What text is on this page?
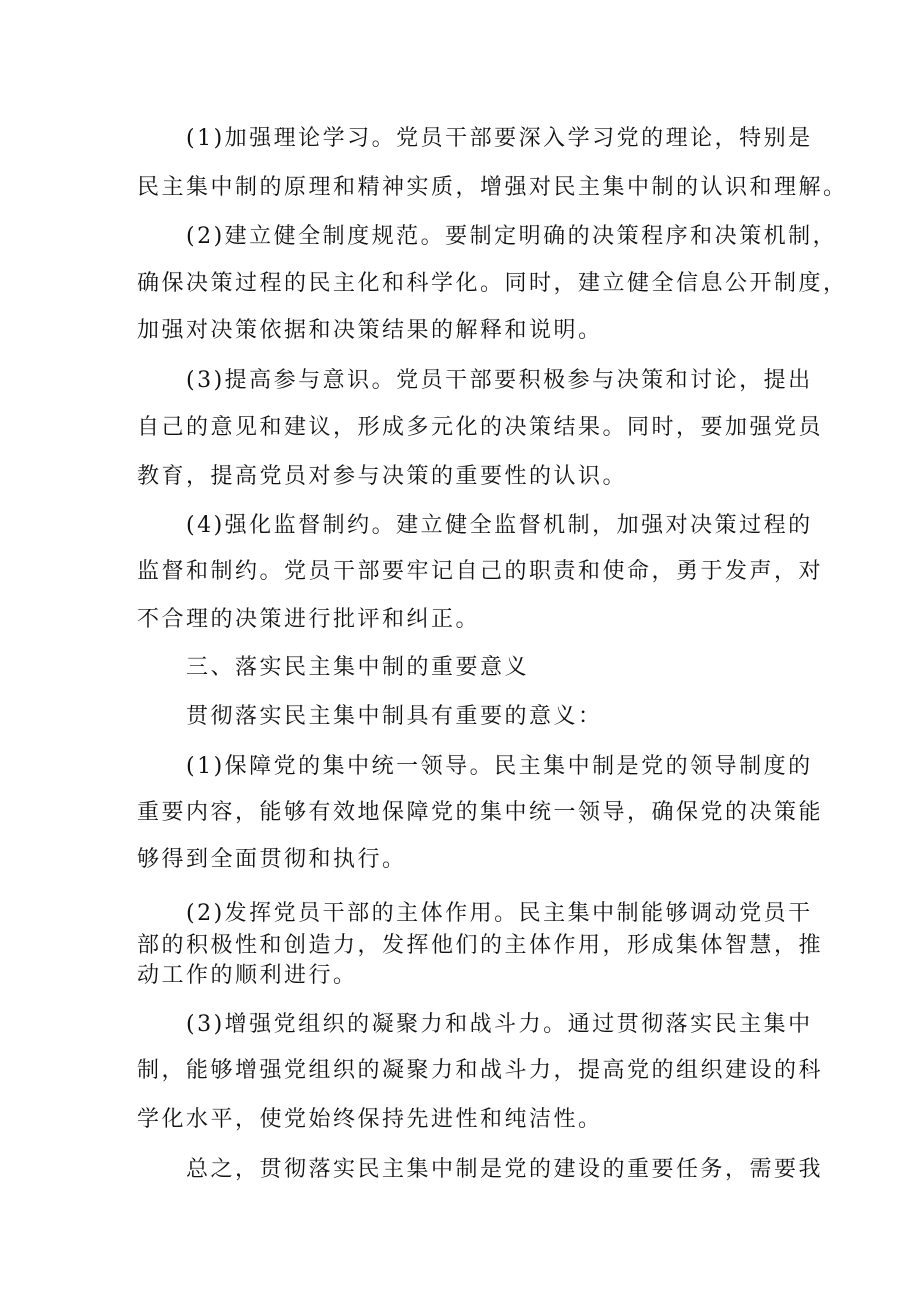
(1)加强理论学习。党员干部要深入学习党的理论，特别是

民主集中制的原理和精神实质，增强对民主集中制的认识和理解。

(2)建立健全制度规范。要制定明确的决策程序和决策机制，

确保决策过程的民主化和科学化。同时，建立健全信息公开制度，

加强对决策依据和决策结果的解释和说明。

(3)提高参与意识。党员干部要积极参与决策和讨论，提出

自己的意见和建议，形成多元化的决策结果。同时，要加强党员

教育，提高党员对参与决策的重要性的认识。

(4)强化监督制约。建立健全监督机制，加强对决策过程的

监督和制约。党员干部要牢记自己的职责和使命，勇于发声，对

不合理的决策进行批评和纠正。

三、落实民主集中制的重要意义

贯彻落实民主集中制具有重要的意义：

(1)保障党的集中统一领导。民主集中制是党的领导制度的

重要内容，能够有效地保障党的集中统一领导，确保党的决策能

够得到全面贯彻和执行。

(2)发挥党员干部的主体作用。民主集中制能够调动党员干

部的积极性和创造力，发挥他们的主体作用，形成集体智慧，推

动工作的顺利进行。

(3)增强党组织的凝聚力和战斗力。通过贯彻落实民主集中

制，能够增强党组织的凝聚力和战斗力，提高党的组织建设的科

学化水平，使党始终保持先进性和纯洁性。

总之，贯彻落实民主集中制是党的建设的重要任务，需要我
